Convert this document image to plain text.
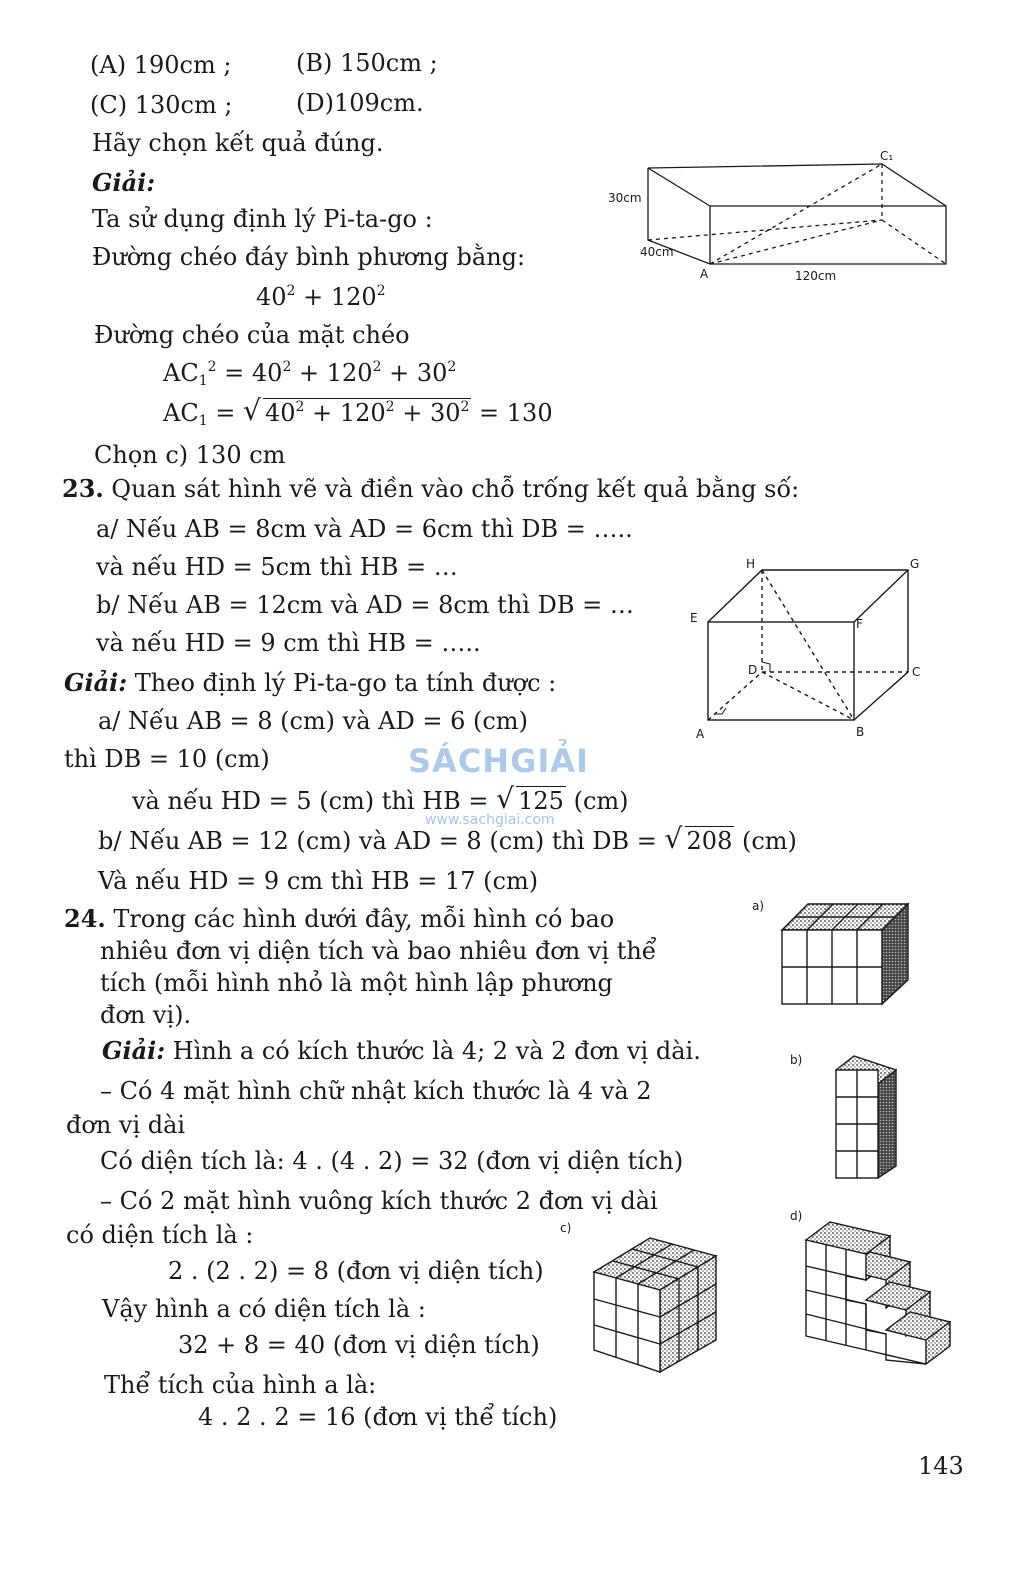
(A) 190cm ;	(B) 150cm ;
(C) 130cm ;	(D)109cm.
Hãy chọn kết quả đúng.
Giải:
Ta sử dụng định lý Pi-ta-go :
Đường chéo đáy bình phương bằng:
$40^2 + 120^2$
Đường chéo của mặt chéo
$AC_1^2 = 40^2 + 120^2 + 30^2$
$AC_1$ = √ $40^2 + 120^2 + 30^2 = 130$
Chọn c) 130 cm
30cm
40cm
120cm
A
C₁
23. Quan sát hình vẽ và điền vào chỗ trống kết quả bằng số:
a/ Nếu AB = 8cm và AD = 6cm thì DB = …..
và nếu HD = 5cm thì HB = …
b/ Nếu AB = 12cm và AD = 8cm thì DB = …
và nếu HD = 9 cm thì HB = …..
Giải: Theo định lý Pi-ta-go ta tính được :
a/ Nếu AB = 8 (cm) và AD = 6 (cm)
thì DB = 10 (cm)
và nếu HD = 5 (cm) thì HB = √ 125 (cm)
b/ Nếu AB = 12 (cm) và AD = 8 (cm) thì DB = √ 208 (cm)
Và nếu HD = 9 cm thì HB = 17 (cm)
H	G
E	F
D	C
A	B
SÁCHGIẢI
www.sachgiai.com
24. Trong các hình dưới đây, mỗi hình có bao
nhiêu đơn vị diện tích và bao nhiêu đơn vị thể
tích (mỗi hình nhỏ là một hình lập phương
đơn vị).
Giải: Hình a có kích thước là 4; 2 và 2 đơn vị dài.
– Có 4 mặt hình chữ nhật kích thước là 4 và 2
đơn vị dài
Có diện tích là: 4 . (4 . 2) = 32 (đơn vị diện tích)
– Có 2 mặt hình vuông kích thước 2 đơn vị dài
có diện tích là :
2 . (2 . 2) = 8 (đơn vị diện tích)
Vậy hình a có diện tích là :
32 + 8 = 40 (đơn vị diện tích)
Thể tích của hình a là:
4 . 2 . 2 = 16 (đơn vị thể tích)
a)
b)
c)
d)
143
